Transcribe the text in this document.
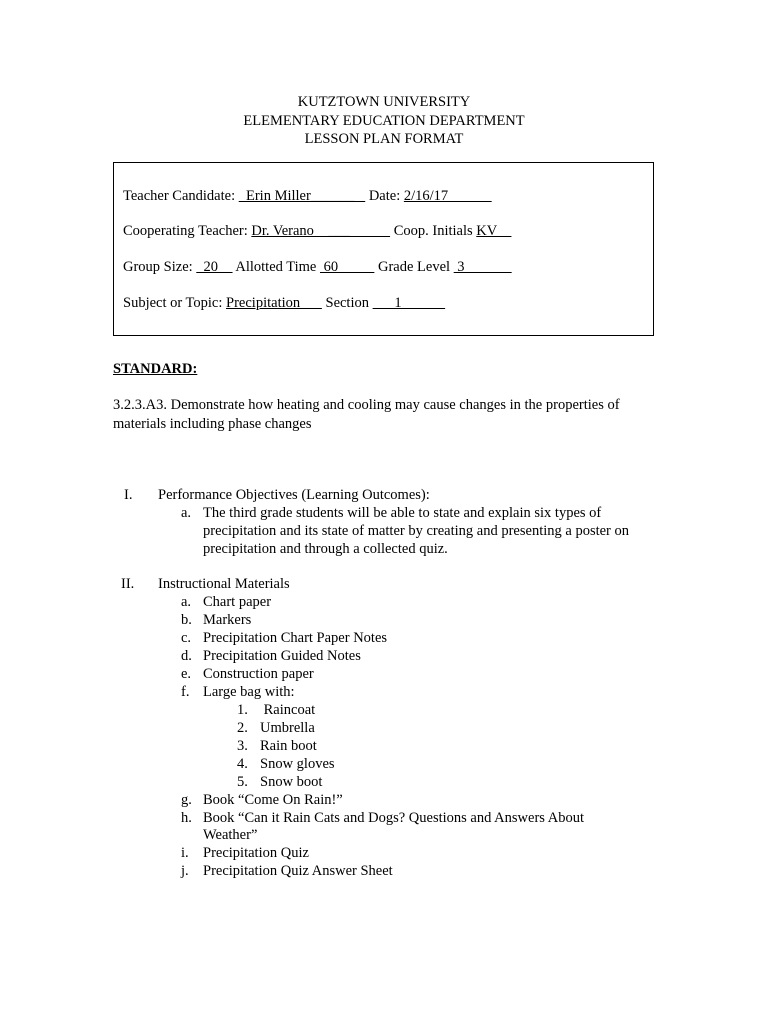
KUTZTOWN UNIVERSITY
ELEMENTARY EDUCATION DEPARTMENT
LESSON PLAN FORMAT
Teacher Candidate:   Erin Miller______    Date: 2/16/17
Cooperating Teacher: Dr. Verano    ___            Coop. Initials KV
Group Size:   20     Allotted Time  60           Grade Level  3
Subject or Topic: Precipitation       Section       1
STANDARD:
3.2.3.A3. Demonstrate how heating and cooling may cause changes in the properties of materials including phase changes
I. Performance Objectives (Learning Outcomes):
a. The third grade students will be able to state and explain six types of precipitation and its state of matter by creating and presenting a poster on precipitation and through a collected quiz.
II. Instructional Materials
a. Chart paper
b. Markers
c. Precipitation Chart Paper Notes
d. Precipitation Guided Notes
e. Construction paper
f. Large bag with:
1. Raincoat
2. Umbrella
3. Rain boot
4. Snow gloves
5. Snow boot
g. Book “Come On Rain!”
h. Book “Can it Rain Cats and Dogs? Questions and Answers About
Weather”
i. Precipitation Quiz
j. Precipitation Quiz Answer Sheet
